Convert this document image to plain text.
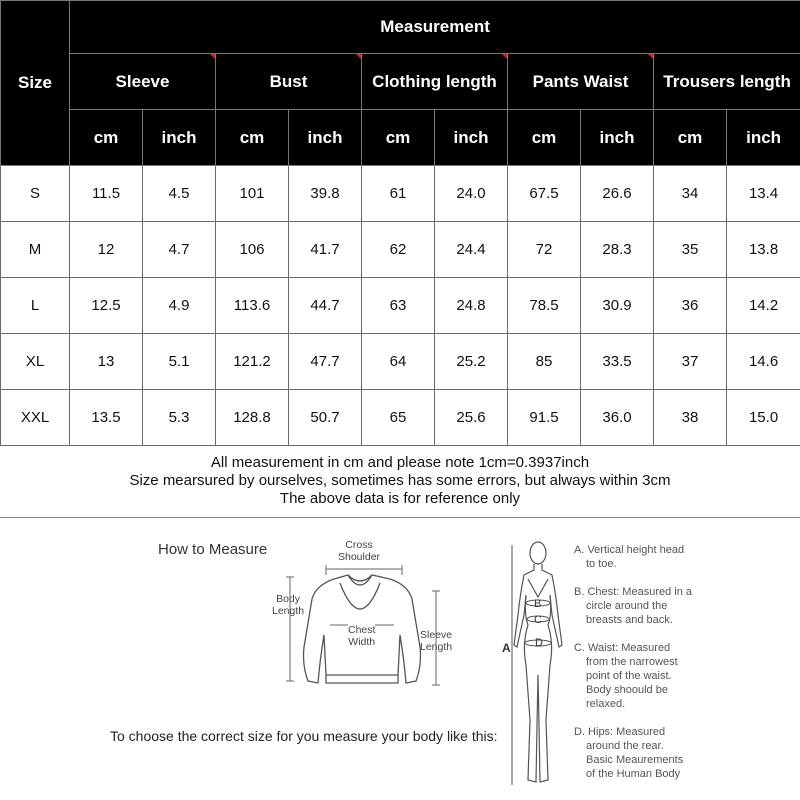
Size	Measurement									
	Sleeve		Bust		Clothing length		Pants Waist		Trousers length	
	cm	inch	cm	inch	cm	inch	cm	inch	cm	inch
S	11.5	4.5	101	39.8	61	24.0	67.5	26.6	34	13.4
M	12	4.7	106	41.7	62	24.4	72	28.3	35	13.8
L	12.5	4.9	113.6	44.7	63	24.8	78.5	30.9	36	14.2
XL	13	5.1	121.2	47.7	64	25.2	85	33.5	37	14.6
XXL	13.5	5.3	128.8	50.7	65	25.6	91.5	36.0	38	15.0
All measurement in cm and please note 1cm=0.3937inch
Size mearsured by ourselves, sometimes has some errors, but always within 3cm
The above data is for reference only
How to Measure	Cross
Shoulder
Body
Length
Chest
Width
Sleeve
Length
To choose the correct size for you measure your body like this:
A
B
C
D
A. Vertical height head
to toe.
B. Chest: Measured in a
circle around the
breasts and back.
C. Waist: Measured
from the narrowest
point of the waist.
Body shoould be
relaxed.
D. Hips: Measured
around the rear.
Basic Meaurements
of the Human Body
